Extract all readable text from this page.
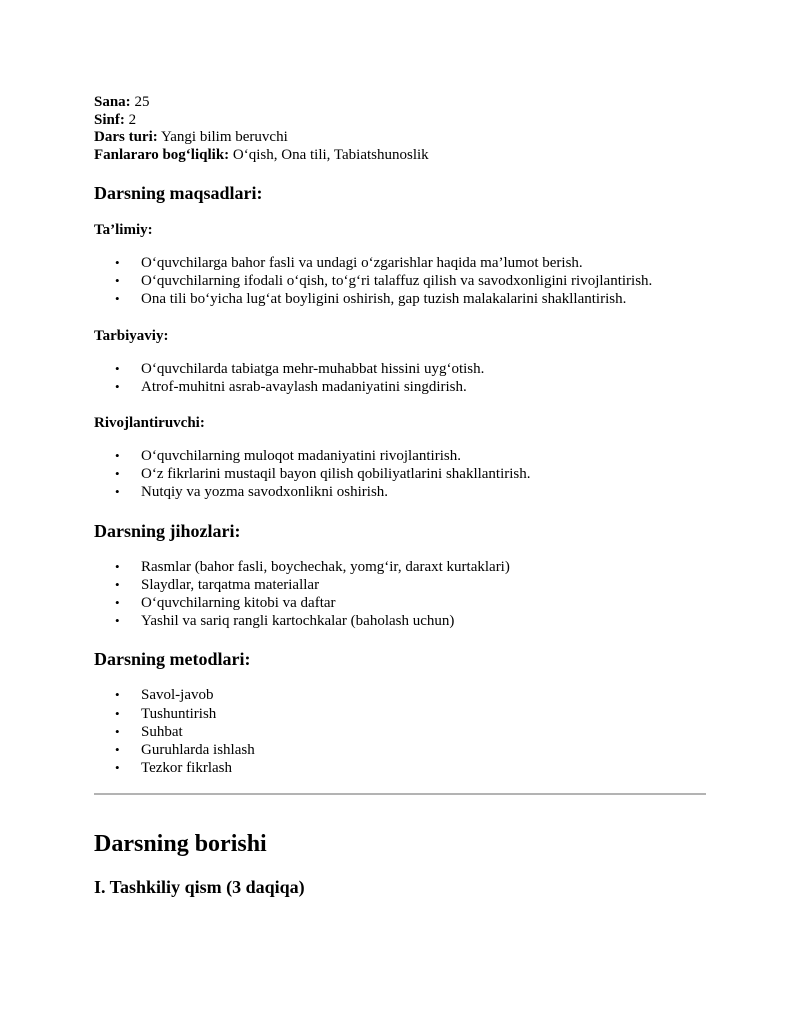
Sana: 25

Sinf: 2

Dars turi: Yangi bilim beruvchi

Fanlararo bog‘liqlik: O‘qish, Ona tili, Tabiatshunoslik

Darsning maqsadlari:
Ta’limiy:
• O‘quvchilarga bahor fasli va undagi o‘zgarishlar haqida ma’lumot berish.
• O‘quvchilarning ifodali o‘qish, to‘g‘ri talaffuz qilish va savodxonligini rivojlantirish.
• Ona tili bo‘yicha lug‘at boyligini oshirish, gap tuzish malakalarini shakllantirish.
Tarbiyaviy:
• O‘quvchilarda tabiatga mehr-muhabbat hissini uyg‘otish.
• Atrof-muhitni asrab-avaylash madaniyatini singdirish.
Rivojlantiruvchi:
• O‘quvchilarning muloqot madaniyatini rivojlantirish.
• O‘z fikrlarini mustaqil bayon qilish qobiliyatlarini shakllantirish.
• Nutqiy va yozma savodxonlikni oshirish.
Darsning jihozlari:
• Rasmlar (bahor fasli, boychechak, yomg‘ir, daraxt kurtaklari)
• Slaydlar, tarqatma materiallar
• O‘quvchilarning kitobi va daftar
• Yashil va sariq rangli kartochkalar (baholash uchun)
Darsning metodlari:
• Savol-javob
• Tushuntirish
• Suhbat
• Guruhlarda ishlash
• Tezkor fikrlash
Darsning borishi
I. Tashkiliy qism (3 daqiqa)
